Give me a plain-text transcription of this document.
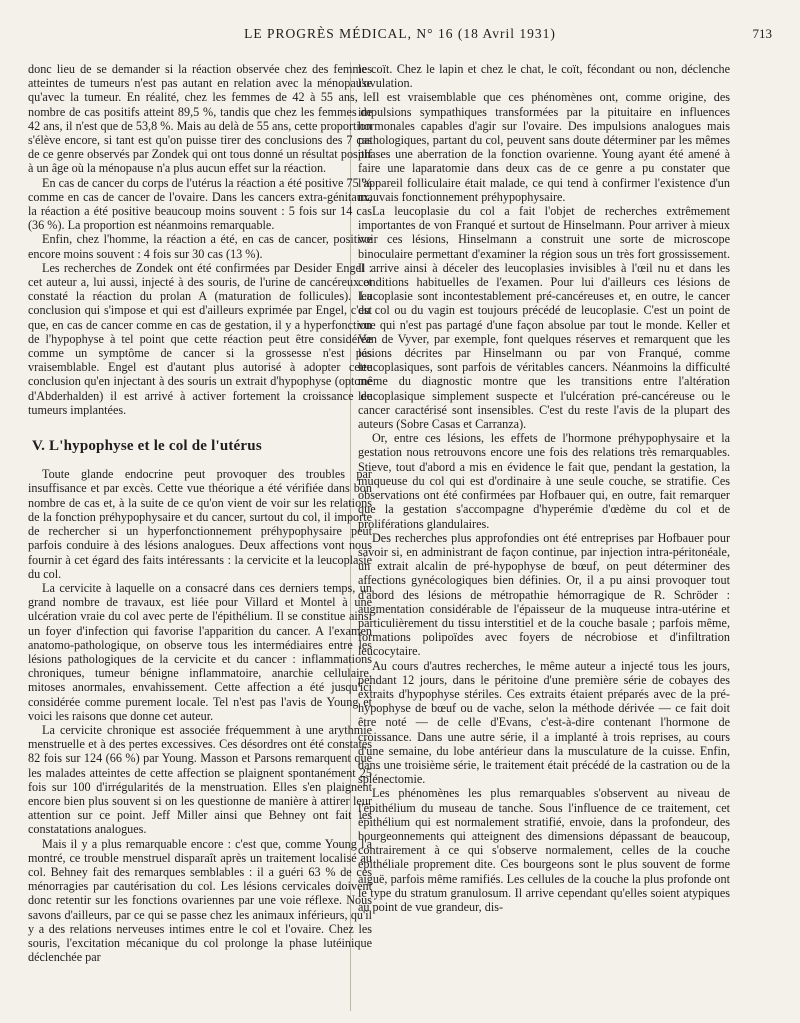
LE PROGRÈS MÉDICAL, N° 16 (18 Avril 1931)	713

donc lieu de se demander si la réaction observée chez des femmes atteintes de tumeurs n'est pas autant en relation avec la ménopause qu'avec la tumeur. En réalité, chez les femmes de 42 à 55 ans, le nombre de cas positifs atteint 89,5 %, tandis que chez les femmes de 42 ans, il n'est que de 53,8 %. Mais au delà de 55 ans, cette proportion s'élève encore, si tant est qu'on puisse tirer des conclusions des 7 cas de ce genre observés par Zondek qui ont tous donné un résultat positif à un âge où la ménopause n'a plus aucun effet sur la réaction.

En cas de cancer du corps de l'utérus la réaction a été positive 75 % comme en cas de cancer de l'ovaire. Dans les cancers extra-génitaux, la réaction a été positive beaucoup moins souvent : 5 fois sur 14 cas (36 %). La proportion est néanmoins remarquable.

Enfin, chez l'homme, la réaction a été, en cas de cancer, positive encore moins souvent : 4 fois sur 30 cas (13 %).

Les recherches de Zondek ont été confirmées par Desider Engel : cet auteur a, lui aussi, injecté à des souris, de l'urine de cancéreux et constaté la réaction du prolan A (maturation de follicules). La conclusion qui s'impose et qui est d'ailleurs exprimée par Engel, c'est que, en cas de cancer comme en cas de gestation, il y a hyperfonction de l'hypophyse à tel point que cette réaction peut être considérée comme un symptôme de cancer si la grossesse n'est pas vraisemblable. Engel est d'autant plus autorisé à adopter cette conclusion qu'en injectant à des souris un extrait d'hypophyse (optone d'Abderhalden) il est arrivé à activer fortement la croissance de tumeurs implantées.

V. L'hypophyse et le col de l'utérus

Toute glande endocrine peut provoquer des troubles par insuffisance et par excès. Cette vue théorique a été vérifiée dans bon nombre de cas et, à la suite de ce qu'on vient de voir sur les relations de la fonction préhypophysaire et du cancer, surtout du col, il importe de rechercher si un hyperfonctionnement préhypophysaire peut parfois conduire à des lésions analogues. Deux affections vont nous fournir à cet égard des faits intéressants : la cervicite et la leucoplasie du col.

La cervicite à laquelle on a consacré dans ces derniers temps, un grand nombre de travaux, est liée pour Villard et Montel à une ulcération vraie du col avec perte de l'épithélium. Il se constitue ainsi un foyer d'infection qui favorise l'apparition du cancer. A l'examen anatomo-pathologique, on observe tous les intermédiaires entre les lésions pathologiques de la cervicite et du cancer : inflammations chroniques, tumeur bénigne inflammatoire, anarchie cellulaire, mitoses anormales, envahissement. Cette affection a été jusqu'ici considérée comme purement locale. Tel n'est pas l'avis de Young et voici les raisons que donne cet auteur.

La cervicite chronique est associée fréquemment à une arythmie menstruelle et à des pertes excessives. Ces désordres ont été constatés 82 fois sur 124 (66 %) par Young. Masson et Parsons remarquent que les malades atteintes de cette affection se plaignent spontanément 25 fois sur 100 d'irrégularités de la menstruation. Elles s'en plaignent encore bien plus souvent si on les questionne de manière à attirer leur attention sur ce point. Jeff Miller ainsi que Behney ont fait les constatations analogues.

Mais il y a plus remarquable encore : c'est que, comme Young l'a montré, ce trouble menstruel disparaît après un traitement localisé au col. Behney fait des remarques semblables : il a guéri 63 % de ces ménorragies par cautérisation du col. Les lésions cervicales doivent donc retentir sur les fonctions ovariennes par une voie réflexe. Nous savons d'ailleurs, par ce qui se passe chez les animaux inférieurs, qu'il y a des relations nerveuses intimes entre le col et l'ovaire. Chez les souris, l'excitation mécanique du col prolonge la phase lutéinique déclenchée par

le coït. Chez le lapin et chez le chat, le coït, fécondant ou non, déclenche l'ovulation.

Il est vraisemblable que ces phénomènes ont, comme origine, des impulsions sympathiques transformées par la pituitaire en influences hormonales capables d'agir sur l'ovaire. Des impulsions analogues mais pathologiques, partant du col, peuvent sans doute déterminer par les mêmes phases une aberration de la fonction ovarienne. Young ayant été amené à faire une laparatomie dans deux cas de ce genre a pu constater que l'appareil folliculaire était malade, ce qui tend à confirmer l'existence d'un mauvais fonctionnement préhypophysaire.

La leucoplasie du col a fait l'objet de recherches extrêmement importantes de von Franqué et surtout de Hinselmann. Pour arriver à mieux voir ces lésions, Hinselmann a construit une sorte de microscope binoculaire permettant d'examiner la région sous un très fort grossissement. Il arrive ainsi à déceler des leucoplasies invisibles à l'œil nu et dans les conditions habituelles de l'examen. Pour lui d'ailleurs ces lésions de leucoplasie sont incontestablement pré-cancéreuses et, en outre, le cancer du col ou du vagin est toujours précédé de leucoplasie. C'est un point de vue qui n'est pas partagé d'une façon absolue par tout le monde. Keller et Van de Vyver, par exemple, font quelques réserves et remarquent que les lésions décrites par Hinselmann ou par von Franqué, comme leucoplasiques, sont parfois de véritables cancers. Néanmoins la difficulté même du diagnostic montre que les transitions entre l'altération leucoplasique simplement suspecte et l'ulcération pré-cancéreuse ou le cancer caractérisé sont insensibles. C'est du reste l'avis de la plupart des auteurs (Sobre Casas et Carranza).

Or, entre ces lésions, les effets de l'hormone préhypophysaire et la gestation nous retrouvons encore une fois des relations très remarquables. Stieve, tout d'abord a mis en évidence le fait que, pendant la gestation, la muqueuse du col qui est d'ordinaire à une seule couche, se stratifie. Ces observations ont été confirmées par Hofbauer qui, en outre, fait remarquer que la gestation s'accompagne d'hyperémie d'œdème du col et de proliférations glandulaires.

Des recherches plus approfondies ont été entreprises par Hofbauer pour savoir si, en administrant de façon continue, par injection intra-péritonéale, un extrait alcalin de pré-hypophyse de bœuf, on peut déterminer des affections gynécologiques bien définies. Or, il a pu ainsi provoquer tout d'abord des lésions de métropathie hémorragique de R. Schröder : augmentation considérable de l'épaisseur de la muqueuse intra-utérine et particulièrement du tissu interstitiel et de la couche basale ; parfois même, formations polipoïdes avec foyers de nécrobiose et d'infiltration leucocytaire.

Au cours d'autres recherches, le même auteur a injecté tous les jours, pendant 12 jours, dans le péritoine d'une première série de cobayes des extraits d'hypophyse stériles. Ces extraits étaient préparés avec de la pré-hypophyse de bœuf ou de vache, selon la méthode dérivée — ce fait doit être noté — de celle d'Evans, c'est-à-dire contenant l'hormone de croissance. Dans une autre série, il a implanté à trois reprises, au cours d'une semaine, du lobe antérieur dans la musculature de la cuisse. Enfin, dans une troisième série, le traitement était précédé de la castration ou de la splénectomie.

Les phénomènes les plus remarquables s'observent au niveau de l'épithélium du museau de tanche. Sous l'influence de ce traitement, cet épithélium qui est normalement stratifié, envoie, dans la profondeur, des bourgeonnements qui atteignent des dimensions dépassant de beaucoup, contrairement à ce qui s'observe normalement, celles de la couche épithéliale proprement dite. Ces bourgeons sont le plus souvent de forme aiguë, parfois même ramifiés. Les cellules de la couche la plus profonde ont le type du stratum granulosum. Il arrive cependant qu'elles soient atypiques au point de vue grandeur, dis-
